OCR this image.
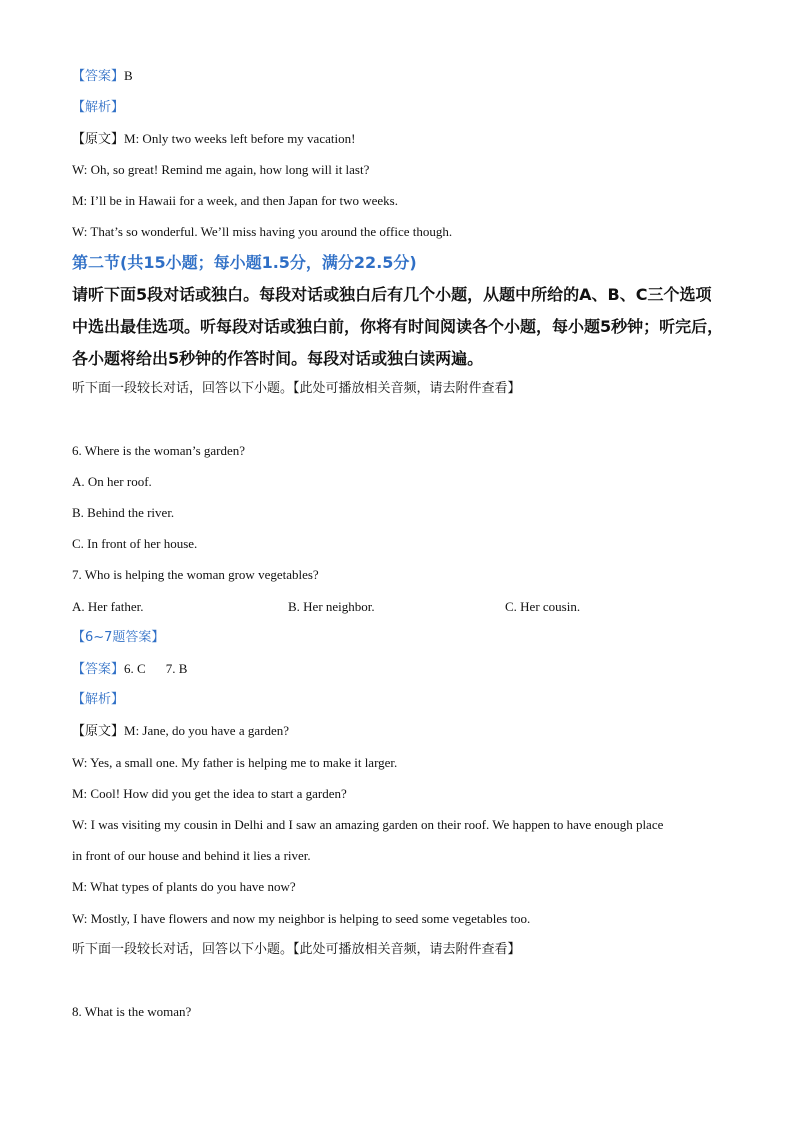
【答案】B
【解析】
【原文】M: Only two weeks left before my vacation!
W: Oh, so great! Remind me again, how long will it last?
M: I’ll be in Hawaii for a week, and then Japan for two weeks.
W: That’s so wonderful. We’ll miss having you around the office though.
第二节(共15小题；每小题1.5分，满分22.5分)
请听下面5段对话或独白。每段对话或独白后有几个小题，从题中所给的A、B、C三个选项
中选出最佳选项。听每段对话或独白前，你将有时间阅读各个小题，每小题5秒钟；听完后，
各小题将给出5秒钟的作答时间。每段对话或独白读两遍。
听下面一段较长对话，回答以下小题。【此处可播放相关音频，请去附件查看】
6. Where is the woman’s garden?
A. On her roof.
B. Behind the river.
C. In front of her house.
7. Who is helping the woman grow vegetables?
A. Her father.	B. Her neighbor.	C. Her cousin.
【6~7题答案】
【答案】6. C 7. B
【解析】
【原文】M: Jane, do you have a garden?
W: Yes, a small one. My father is helping me to make it larger.
M: Cool! How did you get the idea to start a garden?
W: I was visiting my cousin in Delhi and I saw an amazing garden on their roof. We happen to have enough place
in front of our house and behind it lies a river.
M: What types of plants do you have now?
W: Mostly, I have flowers and now my neighbor is helping to seed some vegetables too.
听下面一段较长对话，回答以下小题。【此处可播放相关音频，请去附件查看】
8. What is the woman?
